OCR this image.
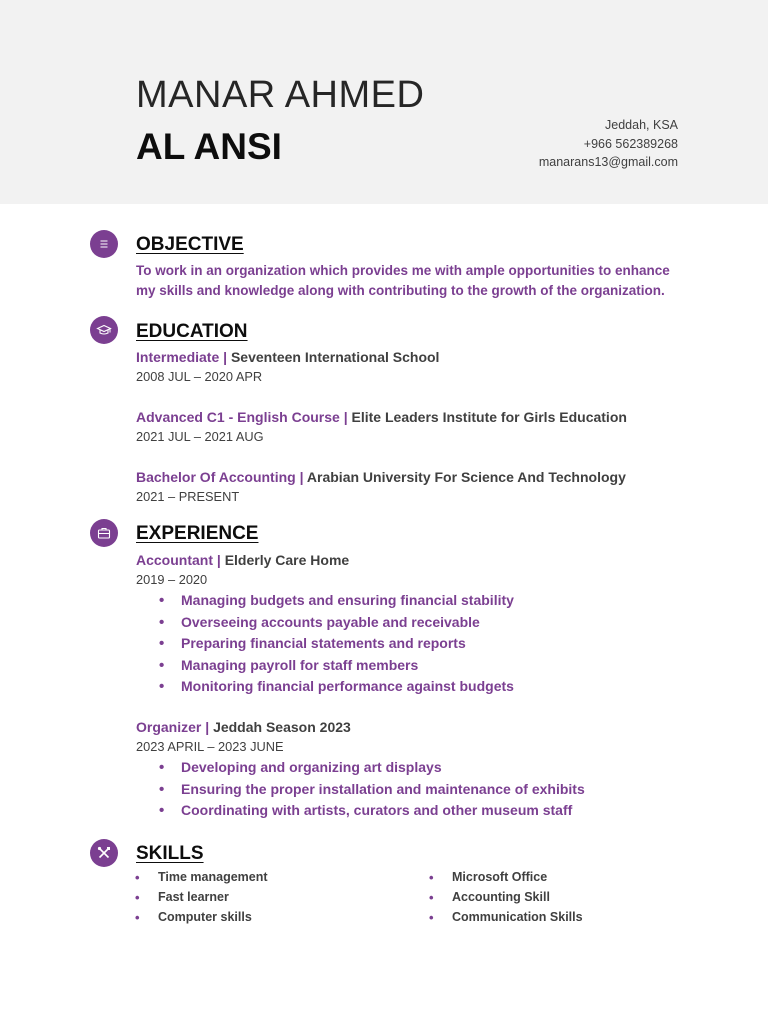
MANAR AHMED
AL ANSI
Jeddah, KSA
+966 562389268
manarans13@gmail.com
OBJECTIVE
To work in an organization which provides me with ample opportunities to enhance my skills and knowledge along with contributing to the growth of the organization.
EDUCATION
Intermediate | Seventeen International School
2008 JUL – 2020 APR
Advanced C1 - English Course | Elite Leaders Institute for Girls Education
2021 JUL – 2021 AUG
Bachelor Of Accounting | Arabian University For Science And Technology
2021 – PRESENT
EXPERIENCE
Accountant | Elderly Care Home
2019 – 2020
• Managing budgets and ensuring financial stability
• Overseeing accounts payable and receivable
• Preparing financial statements and reports
• Managing payroll for staff members
• Monitoring financial performance against budgets
Organizer | Jeddah Season 2023
2023 APRIL – 2023 JUNE
• Developing and organizing art displays
• Ensuring the proper installation and maintenance of exhibits
• Coordinating with artists, curators and other museum staff
SKILLS
• Time management
• Fast learner
• Computer skills
• Microsoft Office
• Accounting Skill
• Communication Skills
